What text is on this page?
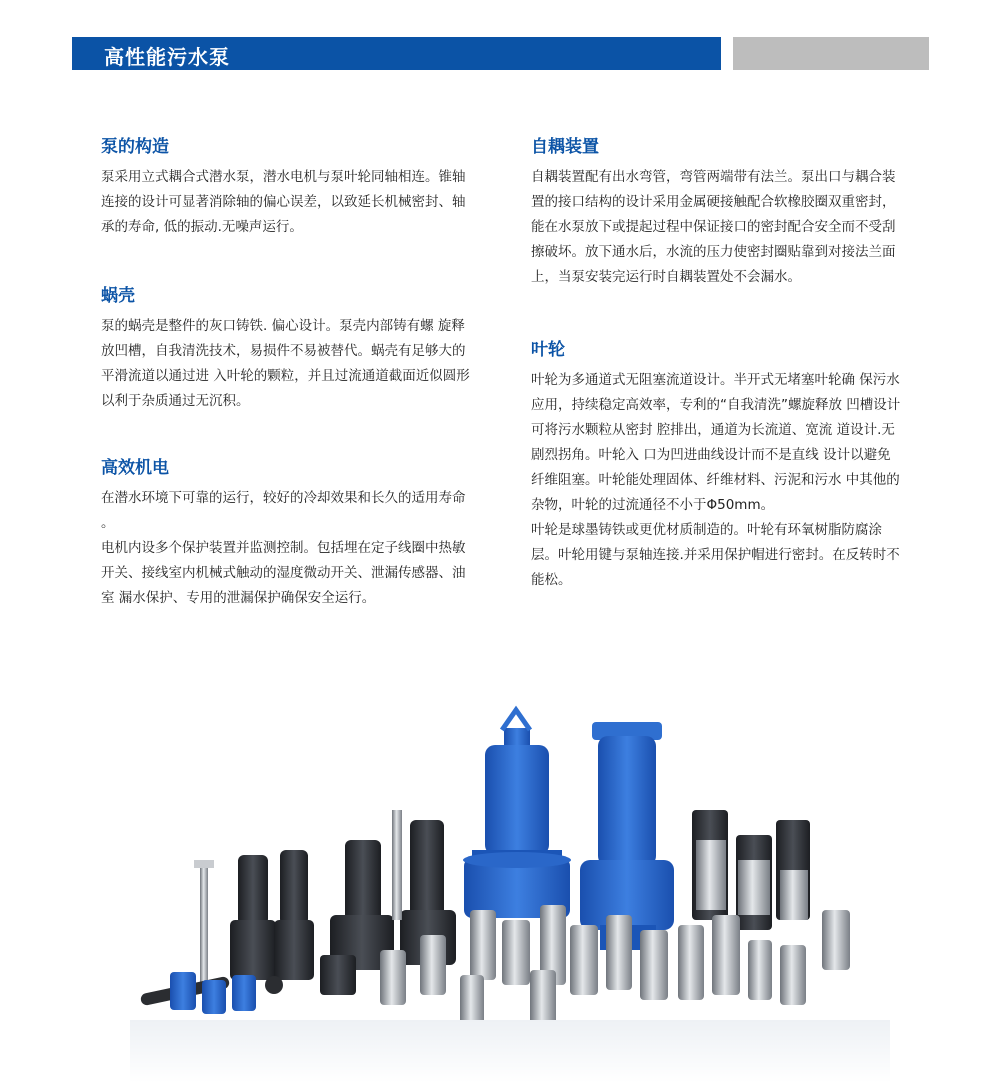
高性能污水泵
泵的构造

泵采用立式耦合式潜水泵，潜水电机与泵叶轮同轴相连。锥轴连接的设计可显著消除轴的偏心误差，以致延长机械密封、轴承的寿命, 低的振动.无噪声运行。

蜗壳

泵的蜗壳是整件的灰口铸铁. 偏心设计。泵壳内部铸有螺 旋释放凹槽，自我清洗技术，易损件不易被替代。蜗壳有足够大的平滑流道以通过进 入叶轮的颗粒，并且过流通道截面近似圆形以利于杂质通过无沉积。

高效机电

在潜水环境下可靠的运行，较好的冷却效果和长久的适用寿命 。

电机内设多个保护装置并监测控制。包括埋在定子线圈中热敏 开关、接线室内机械式触动的湿度微动开关、泄漏传感器、油室 漏水保护、专用的泄漏保护确保安全运行。

自耦装置

自耦装置配有出水弯管，弯管两端带有法兰。泵出口与耦合装置的接口结构的设计采用金属硬接触配合软橡胶圈双重密封，能在水泵放下或提起过程中保证接口的密封配合安全而不受刮擦破坏。放下通水后，水流的压力使密封圈贴靠到对接法兰面上，当泵安装完运行时自耦装置处不会漏水。

叶轮

叶轮为多通道式无阻塞流道设计。半开式无堵塞叶轮确 保污水应用，持续稳定高效率，专利的“自我清洗”螺旋释放 凹槽设计可将污水颗粒从密封 腔排出，通道为长流道、宽流 道设计.无剧烈拐角。叶轮入 口为凹进曲线设计而不是直线 设计以避免纤维阻塞。叶轮能处理固体、纤维材料、污泥和污水 中其他的杂物，叶轮的过流通径不小于Φ50mm。

叶轮是球墨铸铁或更优材质制造的。叶轮有环氧树脂防腐涂层。叶轮用键与泵轴连接.并采用保护帽进行密封。在反转时不能松。
